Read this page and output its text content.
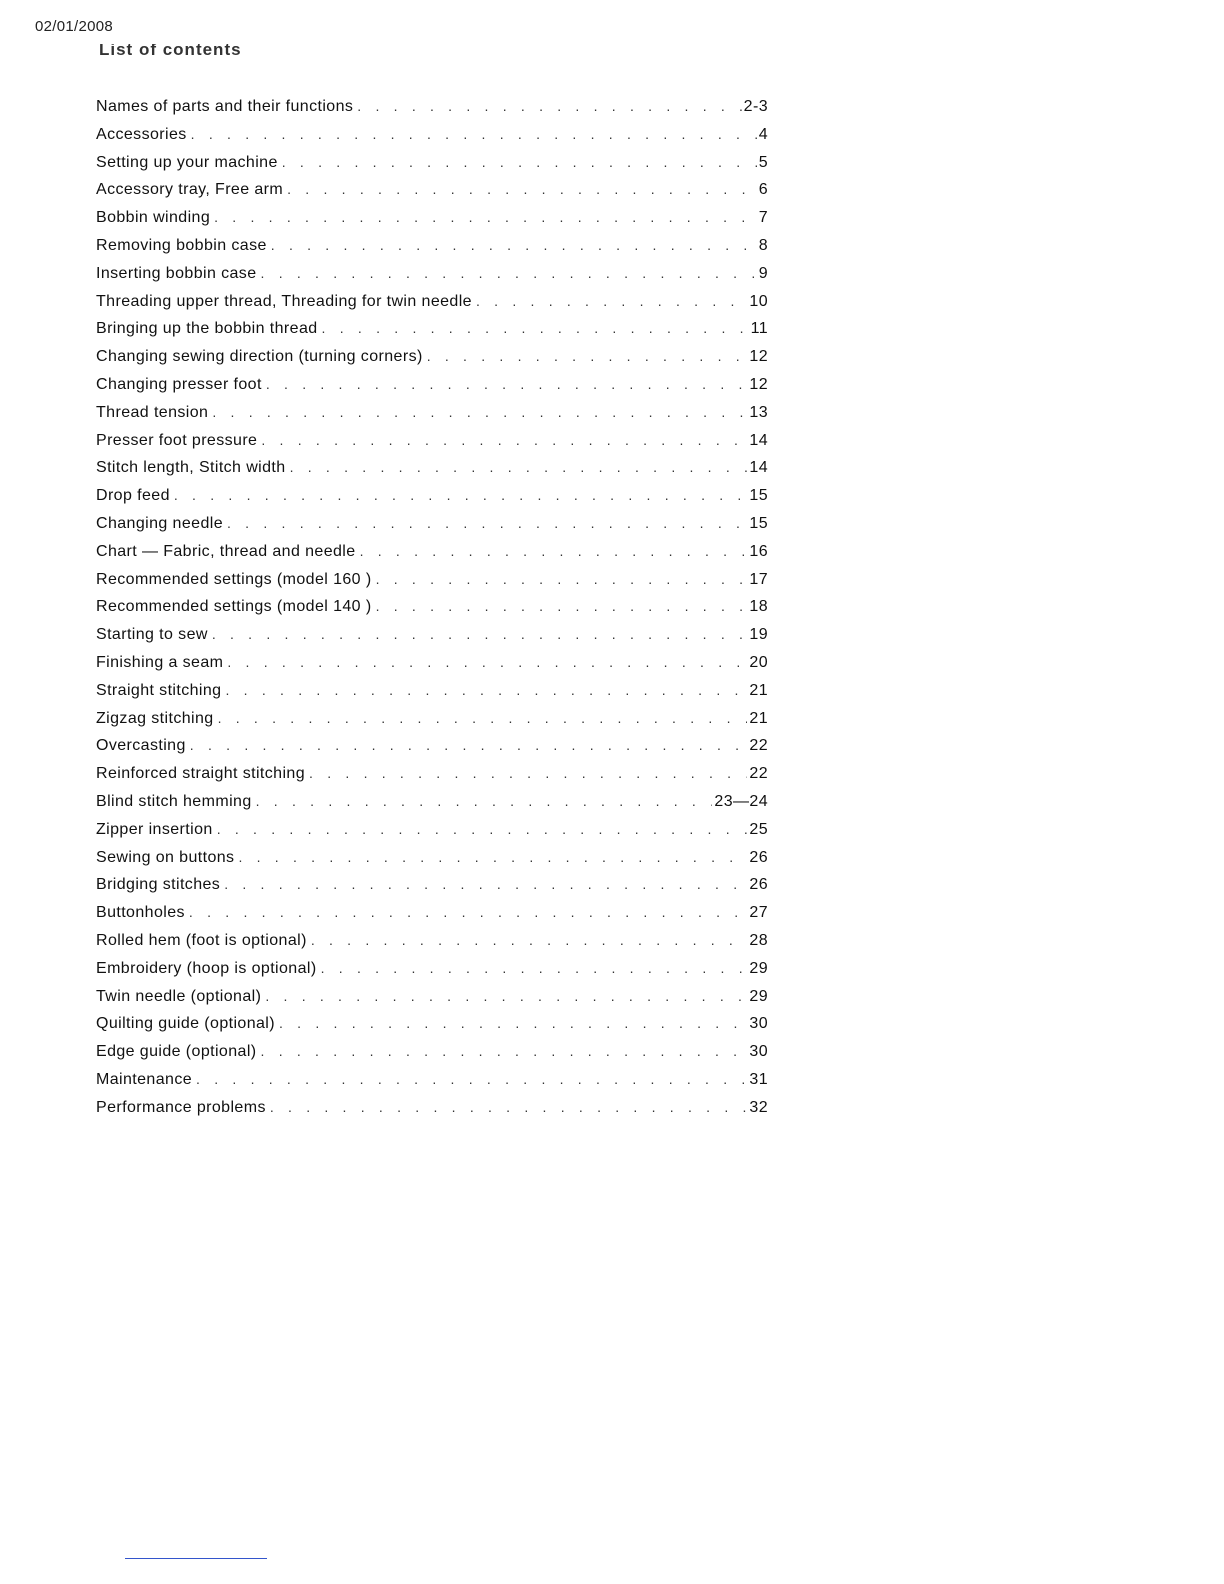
02/01/2008
List of contents
Names of parts and their functions . . .	2-3
Accessories . . .	4
Setting up your machine . . .	5
Accessory tray, Free arm . . .	6
Bobbin winding . . .	7
Removing bobbin case . . .	8
Inserting bobbin case . . .	9
Threading upper thread, Threading for twin needle . . .	10
Bringing up the bobbin thread . . .	11
Changing sewing direction (turning corners) . . .	12
Changing presser foot . . .	12
Thread tension . . .	13
Presser foot pressure . . .	14
Stitch length, Stitch width . . .	14
Drop feed . . .	15
Changing needle . . .	15
Chart — Fabric, thread and needle . . .	16
Recommended settings (model 160 ) . . .	17
Recommended settings (model 140 ) . . .	18
Starting to sew . . .	19
Finishing a seam . . .	20
Straight stitching . . .	21
Zigzag stitching . . .	21
Overcasting . . .	22
Reinforced straight stitching . . .	22
Blind stitch hemming . . .	23—24
Zipper insertion . . .	25
Sewing on buttons . . .	26
Bridging stitches . . .	26
Buttonholes . . .	27
Rolled hem (foot is optional) . . .	28
Embroidery (hoop is optional) . . .	29
Twin needle (optional) . . .	29
Quilting guide (optional) . . .	30
Edge guide (optional) . . .	30
Maintenance . . .	31
Performance problems . . .	32
